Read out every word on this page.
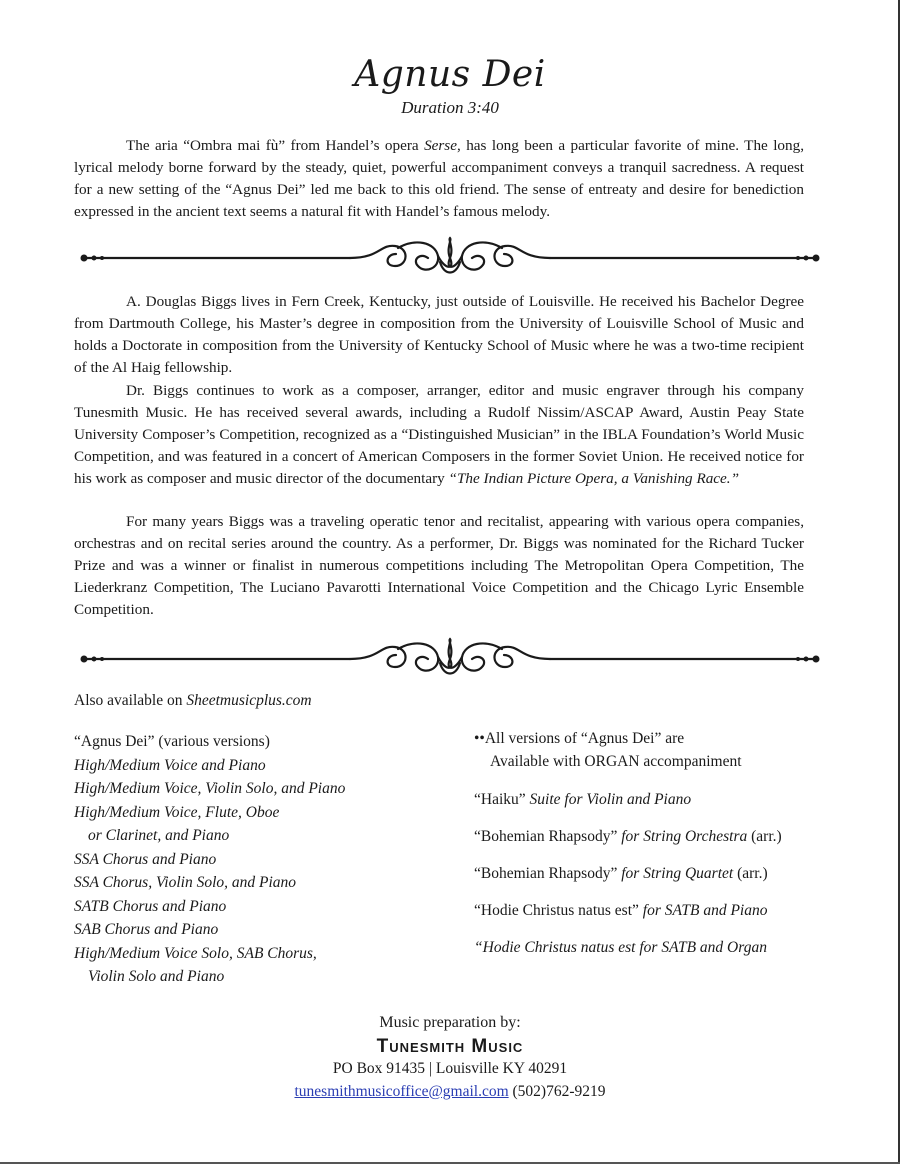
Agnus Dei
Duration 3:40

The aria “Ombra mai fù” from Handel’s opera Serse, has long been a particular favorite of mine. The long, lyrical melody borne forward by the steady, quiet, powerful accompaniment conveys a tranquil sacredness. A request for a new setting of the “Agnus Dei” led me back to this old friend. The sense of entreaty and desire for benediction expressed in the ancient text seems a natural fit with Handel’s famous melody.

A. Douglas Biggs lives in Fern Creek, Kentucky, just outside of Louisville. He received his Bachelor Degree from Dartmouth College, his Master’s degree in composition from the University of Louisville School of Music and holds a Doctorate in composition from the University of Kentucky School of Music where he was a two-time recipient of the Al Haig fellowship.

Dr. Biggs continues to work as a composer, arranger, editor and music engraver through his company Tunesmith Music. He has received several awards, including a Rudolf Nissim/ASCAP Award, Austin Peay State University Composer’s Competition, recognized as a “Distinguished Musician” in the IBLA Foundation’s World Music Competition, and was featured in a concert of American Composers in the former Soviet Union. He received notice for his work as composer and music director of the documentary “The Indian Picture Opera, a Vanishing Race.”

For many years Biggs was a traveling operatic tenor and recitalist, appearing with various opera companies, orchestras and on recital series around the country. As a performer, Dr. Biggs was nominated for the Richard Tucker Prize and was a winner or finalist in numerous competitions including The Metropolitan Opera Competition, The Liederkranz Competition, The Luciano Pavarotti International Voice Competition and the Chicago Lyric Ensemble Competition.

Also available on Sheetmusicplus.com
“Agnus Dei” (various versions)
High/Medium Voice and Piano
High/Medium Voice, Violin Solo, and Piano
High/Medium Voice, Flute, Oboe
or Clarinet, and Piano
SSA Chorus and Piano
SSA Chorus, Violin Solo, and Piano
SATB Chorus and Piano
SAB Chorus and Piano
High/Medium Voice Solo, SAB Chorus,
Violin Solo and Piano
••All versions of “Agnus Dei” are
Available with ORGAN accompaniment
“Haiku” Suite for Violin and Piano
“Bohemian Rhapsody” for String Orchestra (arr.)
“Bohemian Rhapsody” for String Quartet (arr.)
“Hodie Christus natus est” for SATB and Piano
“Hodie Christus natus est for SATB and Organ
Music preparation by:
Tunesmith Music
PO Box 91435 | Louisville KY 40291
tunesmithmusicoffice@gmail.com (502)762-9219
